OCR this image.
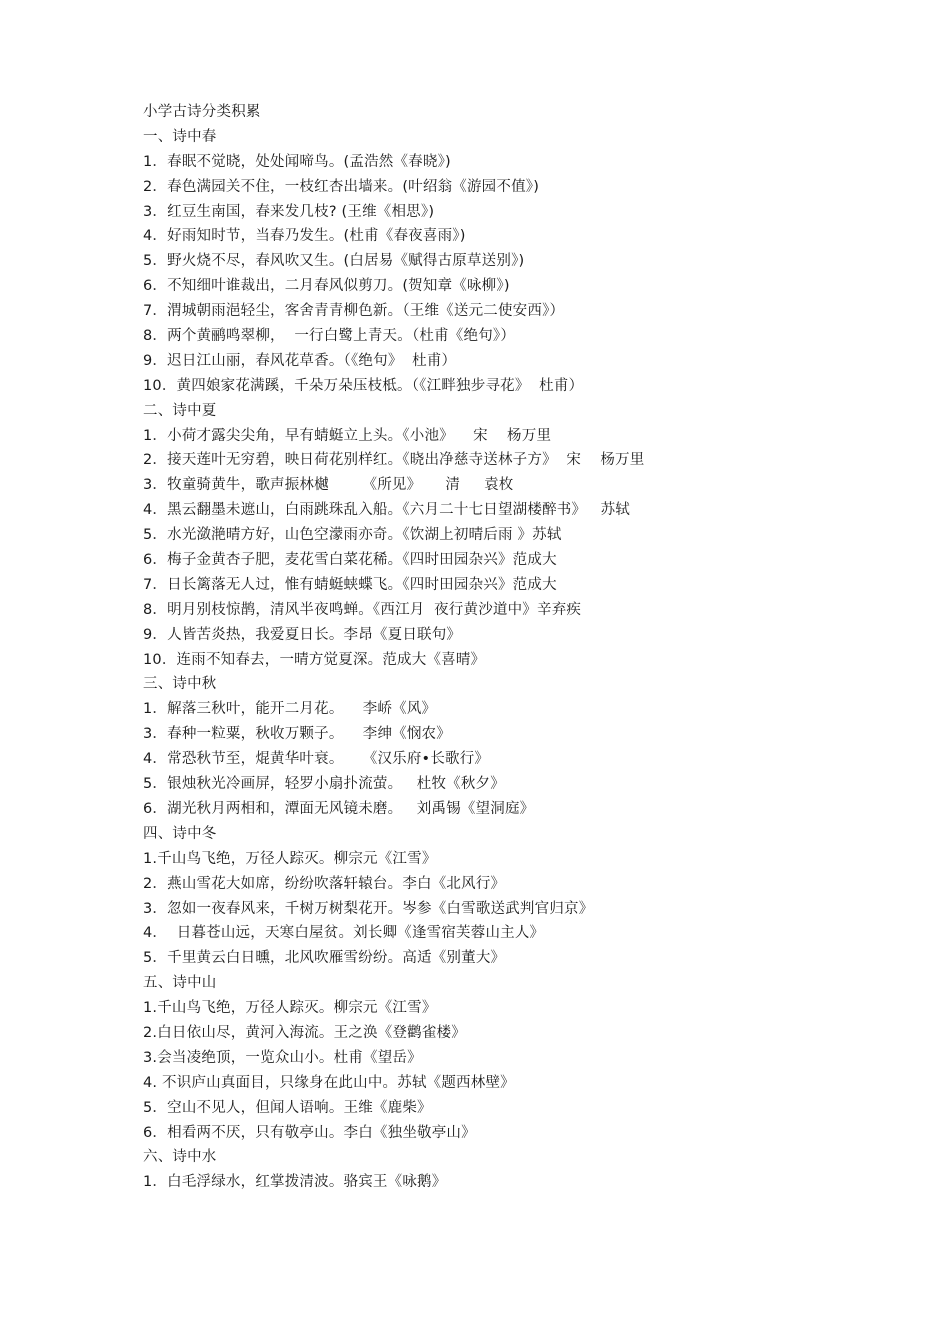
小学古诗分类积累
一、诗中春
1．春眠不觉晓，处处闻啼鸟。(孟浩然《春晓》)
2．春色满园关不住，一枝红杏出墙来。(叶绍翁《游园不值》)
3．红豆生南国，春来发几枝? (王维《相思》)
4．好雨知时节，当春乃发生。(杜甫《春夜喜雨》)
5．野火烧不尽，春风吹又生。(白居易《赋得古原草送别》)
6．不知细叶谁裁出，二月春风似剪刀。(贺知章《咏柳》)
7．渭城朝雨浥轻尘，客舍青青柳色新。（王维《送元二使安西》）
8．两个黄鹂鸣翠柳，  一行白鹭上青天。（杜甫《绝句》）
9．迟日江山丽，春风花草香。（《绝句》  杜甫）
10．黄四娘家花满蹊，千朵万朵压枝柢。（《江畔独步寻花》  杜甫）
二、诗中夏
1．小荷才露尖尖角，早有蜻蜓立上头。《小池》    宋    杨万里
2．接天莲叶无穷碧，映日荷花别样红。《晓出净慈寺送林子方》  宋    杨万里
3．牧童骑黄牛，歌声振林樾       《所见》     清     袁枚
4．黑云翻墨未遮山，白雨跳珠乱入船。《六月二十七日望湖楼醉书》   苏轼
5．水光潋滟晴方好，山色空濛雨亦奇。《饮湖上初晴后雨 》苏轼
6．梅子金黄杏子肥，麦花雪白菜花稀。《四时田园杂兴》范成大
7．日长篱落无人过，惟有蜻蜓蛱蝶飞。《四时田园杂兴》范成大
8．明月别枝惊鹊，清风半夜鸣蝉。《西江月  夜行黄沙道中》辛弃疾
9．人皆苦炎热，我爱夏日长。李昂《夏日联句》
10．连雨不知春去，一晴方觉夏深。范成大《喜晴》
三、诗中秋
1．解落三秋叶，能开二月花。    李峤《风》
3．春种一粒粟，秋收万颗子。    李绅《悯农》
4．常恐秋节至，焜黄华叶衰。    《汉乐府•长歌行》
5．银烛秋光冷画屏，轻罗小扇扑流萤。   杜牧《秋夕》
6．湖光秋月两相和，潭面无风镜未磨。   刘禹锡《望洞庭》
四、诗中冬
1.千山鸟飞绝，万径人踪灭。柳宗元《江雪》
2．燕山雪花大如席，纷纷吹落轩辕台。李白《北风行》
3．忽如一夜春风来，千树万树梨花开。岑参《白雪歌送武判官归京》
4．  日暮苍山远，天寒白屋贫。刘长卿《逢雪宿芙蓉山主人》
5．千里黄云白日曛，北风吹雁雪纷纷。高适《别董大》
五、诗中山
1.千山鸟飞绝，万径人踪灭。柳宗元《江雪》
2.白日依山尽，黄河入海流。王之涣《登鹳雀楼》
3.会当凌绝顶，一览众山小。杜甫《望岳》
4. 不识庐山真面目，只缘身在此山中。苏轼《题西林壁》
5．空山不见人，但闻人语响。王维《鹿柴》
6．相看两不厌，只有敬亭山。李白《独坐敬亭山》
六、诗中水
1．白毛浮绿水，红掌拨清波。骆宾王《咏鹅》
